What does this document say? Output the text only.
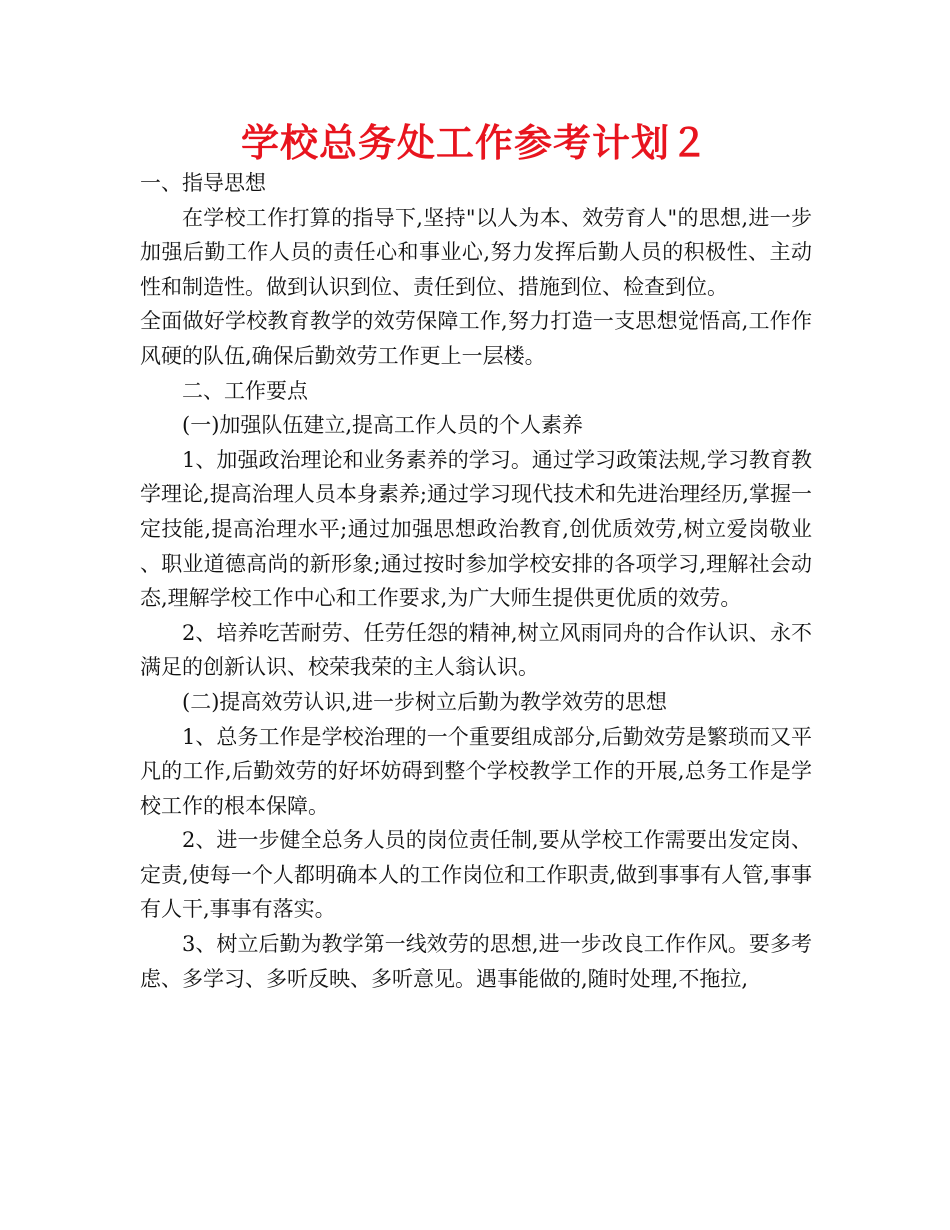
学校总务处工作参考计划２

一、指导思想

在学校工作打算的指导下,坚持"以人为本、效劳育人"的思想,进一步加强后勤工作人员的责任心和事业心,努力发挥后勤人员的积极性、主动性和制造性。做到认识到位、责任到位、措施到位、检查到位。

全面做好学校教育教学的效劳保障工作,努力打造一支思想觉悟高,工作作风硬的队伍,确保后勤效劳工作更上一层楼。

二、工作要点

(一)加强队伍建立,提高工作人员的个人素养

1、加强政治理论和业务素养的学习。通过学习政策法规,学习教育教学理论,提高治理人员本身素养;通过学习现代技术和先进治理经历,掌握一定技能,提高治理水平;通过加强思想政治教育,创优质效劳,树立爱岗敬业、职业道德高尚的新形象;通过按时参加学校安排的各项学习,理解社会动态,理解学校工作中心和工作要求,为广大师生提供更优质的效劳。

2、培养吃苦耐劳、任劳任怨的精神,树立风雨同舟的合作认识、永不满足的创新认识、校荣我荣的主人翁认识。

(二)提高效劳认识,进一步树立后勤为教学效劳的思想

1、总务工作是学校治理的一个重要组成部分,后勤效劳是繁琐而又平凡的工作,后勤效劳的好坏妨碍到整个学校教学工作的开展,总务工作是学校工作的根本保障。

2、进一步健全总务人员的岗位责任制,要从学校工作需要出发定岗、定责,使每一个人都明确本人的工作岗位和工作职责,做到事事有人管,事事有人干,事事有落实。

3、树立后勤为教学第一线效劳的思想,进一步改良工作作风。要多考虑、多学习、多听反映、多听意见。遇事能做的,随时处理,不拖拉,
